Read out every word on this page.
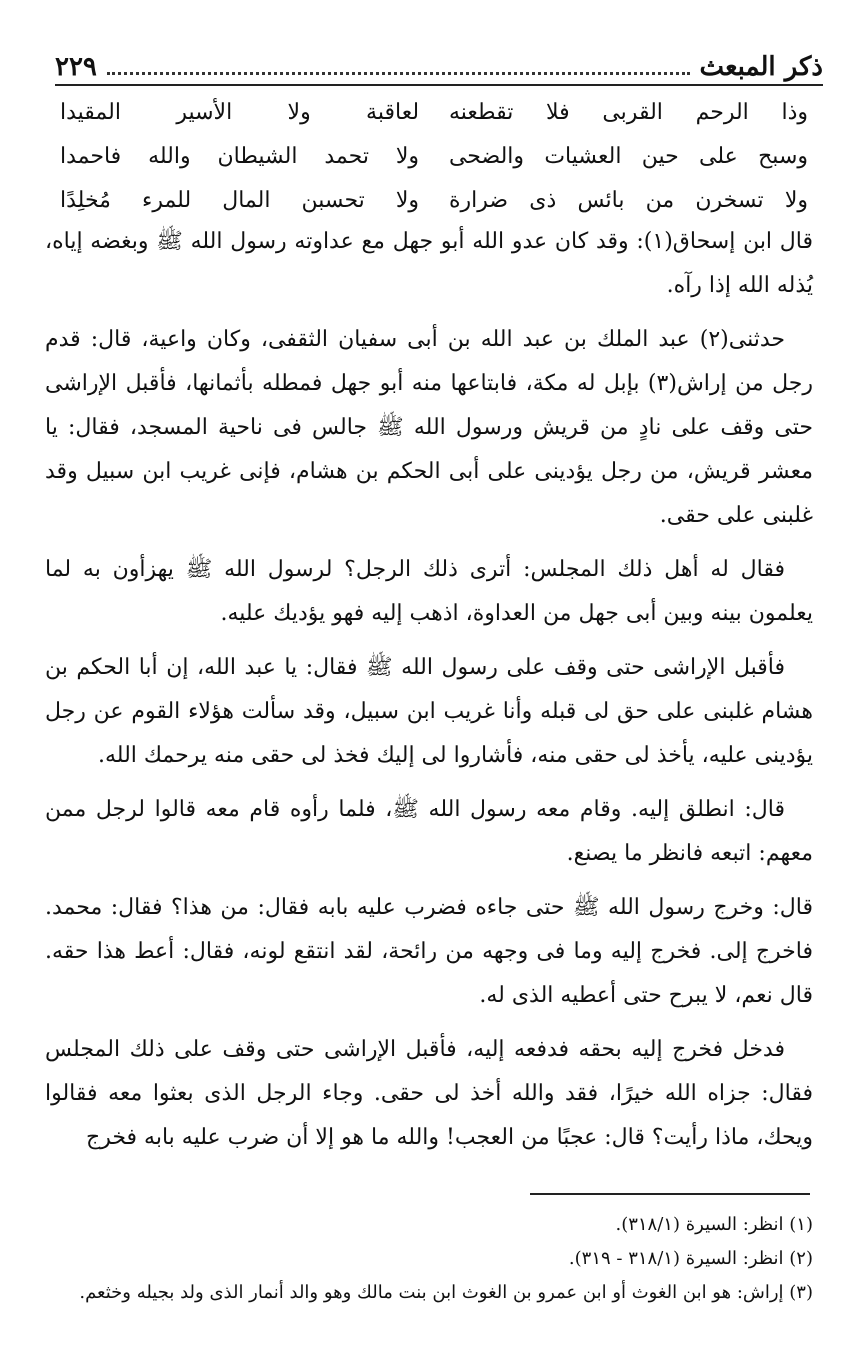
ذكر المبعث
٢٢٩
وذا الرحم القربى فلا تقطعنه
لعاقبة ولا الأسير المقيدا
وسبح على حين العشيات والضحى
ولا تحمد الشيطان والله فاحمدا
ولا تسخرن من بائس ذى ضرارة
ولا تحسبن المال للمرء مُخلِدًا

قال ابن إسحاق(١): وقد كان عدو الله أبو جهل مع عداوته رسول الله ﷺ وبغضه إياه، يُذله الله إذا رآه.

حدثنى(٢) عبد الملك بن عبد الله بن أبى سفيان الثقفى، وكان واعية، قال: قدم رجل من إراش(٣) بإبل له مكة، فابتاعها منه أبو جهل فمطله بأثمانها، فأقبل الإراشى حتى وقف على نادٍ من قريش ورسول الله ﷺ جالس فى ناحية المسجد، فقال: يا معشر قريش، من رجل يؤدينى على أبى الحكم بن هشام، فإنى غريب ابن سبيل وقد غلبنى على حقى.

فقال له أهل ذلك المجلس: أترى ذلك الرجل؟ لرسول الله ﷺ يهزأون به لما يعلمون بينه وبين أبى جهل من العداوة، اذهب إليه فهو يؤديك عليه.

فأقبل الإراشى حتى وقف على رسول الله ﷺ فقال: يا عبد الله، إن أبا الحكم بن هشام غلبنى على حق لى قبله وأنا غريب ابن سبيل، وقد سألت هؤلاء القوم عن رجل يؤدينى عليه، يأخذ لى حقى منه، فأشاروا لى إليك فخذ لى حقى منه يرحمك الله.

قال: انطلق إليه. وقام معه رسول الله ﷺ، فلما رأوه قام معه قالوا لرجل ممن معهم: اتبعه فانظر ما يصنع.

قال: وخرج رسول الله ﷺ حتى جاءه فضرب عليه بابه فقال: من هذا؟ فقال: محمد. فاخرج إلى. فخرج إليه وما فى وجهه من رائحة، لقد انتقع لونه، فقال: أعط هذا حقه. قال نعم، لا يبرح حتى أعطيه الذى له.

فدخل فخرج إليه بحقه فدفعه إليه، فأقبل الإراشى حتى وقف على ذلك المجلس فقال: جزاه الله خيرًا، فقد والله أخذ لى حقى. وجاء الرجل الذى بعثوا معه فقالوا ويحك، ماذا رأيت؟ قال: عجبًا من العجب! والله ما هو إلا أن ضرب عليه بابه فخرج

(١) انظر: السيرة (٣١٨/١).

(٢) انظر: السيرة (٣١٨/١ - ٣١٩).

(٣) إراش: هو ابن الغوث أو ابن عمرو بن الغوث ابن بنت مالك وهو والد أنمار الذى ولد بجيله وخثعم.
